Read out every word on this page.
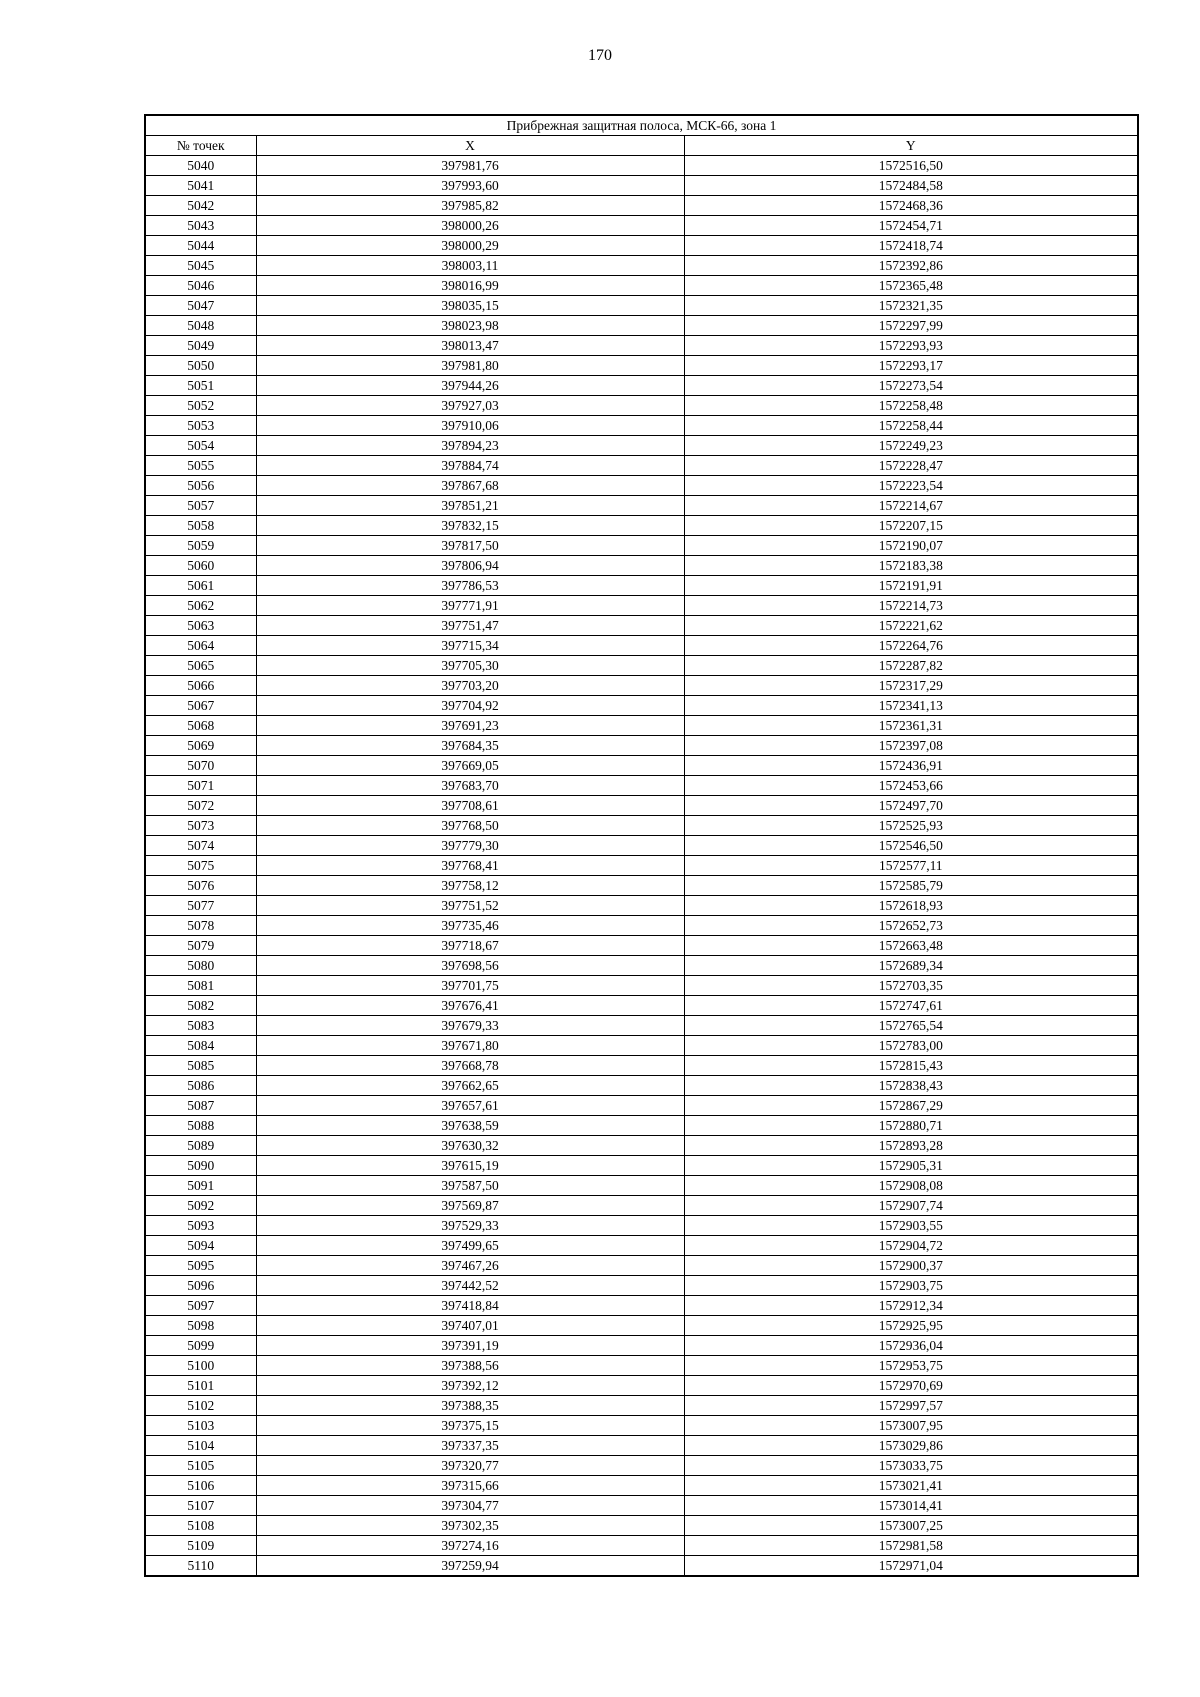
170
Прибрежная защитная полоса, МСК-66, зона 1		
№ точек	X	Y
5040	397981,76	1572516,50
5041	397993,60	1572484,58
5042	397985,82	1572468,36
5043	398000,26	1572454,71
5044	398000,29	1572418,74
5045	398003,11	1572392,86
5046	398016,99	1572365,48
5047	398035,15	1572321,35
5048	398023,98	1572297,99
5049	398013,47	1572293,93
5050	397981,80	1572293,17
5051	397944,26	1572273,54
5052	397927,03	1572258,48
5053	397910,06	1572258,44
5054	397894,23	1572249,23
5055	397884,74	1572228,47
5056	397867,68	1572223,54
5057	397851,21	1572214,67
5058	397832,15	1572207,15
5059	397817,50	1572190,07
5060	397806,94	1572183,38
5061	397786,53	1572191,91
5062	397771,91	1572214,73
5063	397751,47	1572221,62
5064	397715,34	1572264,76
5065	397705,30	1572287,82
5066	397703,20	1572317,29
5067	397704,92	1572341,13
5068	397691,23	1572361,31
5069	397684,35	1572397,08
5070	397669,05	1572436,91
5071	397683,70	1572453,66
5072	397708,61	1572497,70
5073	397768,50	1572525,93
5074	397779,30	1572546,50
5075	397768,41	1572577,11
5076	397758,12	1572585,79
5077	397751,52	1572618,93
5078	397735,46	1572652,73
5079	397718,67	1572663,48
5080	397698,56	1572689,34
5081	397701,75	1572703,35
5082	397676,41	1572747,61
5083	397679,33	1572765,54
5084	397671,80	1572783,00
5085	397668,78	1572815,43
5086	397662,65	1572838,43
5087	397657,61	1572867,29
5088	397638,59	1572880,71
5089	397630,32	1572893,28
5090	397615,19	1572905,31
5091	397587,50	1572908,08
5092	397569,87	1572907,74
5093	397529,33	1572903,55
5094	397499,65	1572904,72
5095	397467,26	1572900,37
5096	397442,52	1572903,75
5097	397418,84	1572912,34
5098	397407,01	1572925,95
5099	397391,19	1572936,04
5100	397388,56	1572953,75
5101	397392,12	1572970,69
5102	397388,35	1572997,57
5103	397375,15	1573007,95
5104	397337,35	1573029,86
5105	397320,77	1573033,75
5106	397315,66	1573021,41
5107	397304,77	1573014,41
5108	397302,35	1573007,25
5109	397274,16	1572981,58
5110	397259,94	1572971,04
